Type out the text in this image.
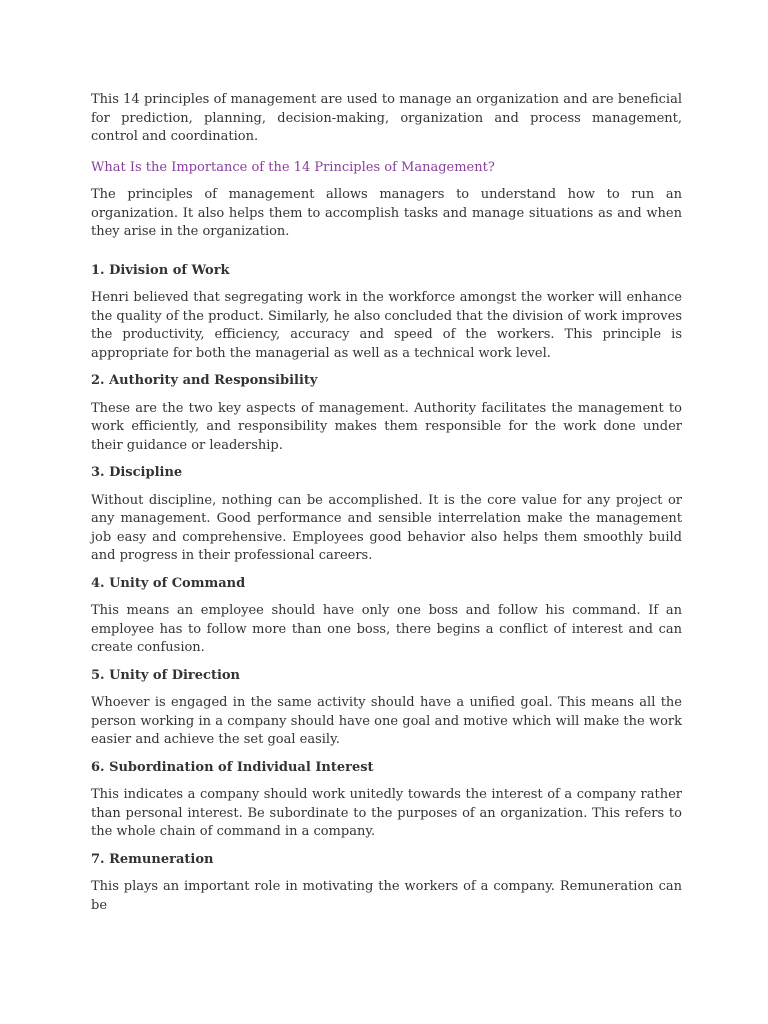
This 14 principles of management are used to manage an organization and are beneficial for prediction, planning, decision-making, organization and process management, control and coordination.

What Is the Importance of the 14 Principles of Management?

The principles of management allows managers to understand how to run an organization. It also helps them to accomplish tasks and manage situations as and when they arise in the organization.

1. Division of Work

Henri believed that segregating work in the workforce amongst the worker will enhance the quality of the product. Similarly, he also concluded that the division of work improves the productivity, efficiency, accuracy and speed of the workers. This principle is appropriate for both the managerial as well as a technical work level.

2. Authority and Responsibility

These are the two key aspects of management. Authority facilitates the management to work efficiently, and responsibility makes them responsible for the work done under their guidance or leadership.

3. Discipline

Without discipline, nothing can be accomplished. It is the core value for any project or any management. Good performance and sensible interrelation make the management job easy and comprehensive. Employees good behavior also helps them smoothly build and progress in their professional careers.

4. Unity of Command

This means an employee should have only one boss and follow his command. If an employee has to follow more than one boss, there begins a conflict of interest and can create confusion.

5. Unity of Direction

Whoever is engaged in the same activity should have a unified goal. This means all the person working in a company should have one goal and motive which will make the work easier and achieve the set goal easily.

6. Subordination of Individual Interest

This indicates a company should work unitedly towards the interest of a company rather than personal interest. Be subordinate to the purposes of an organization. This refers to the whole chain of command in a company.

7. Remuneration

This plays an important role in motivating the workers of a company. Remuneration can be
